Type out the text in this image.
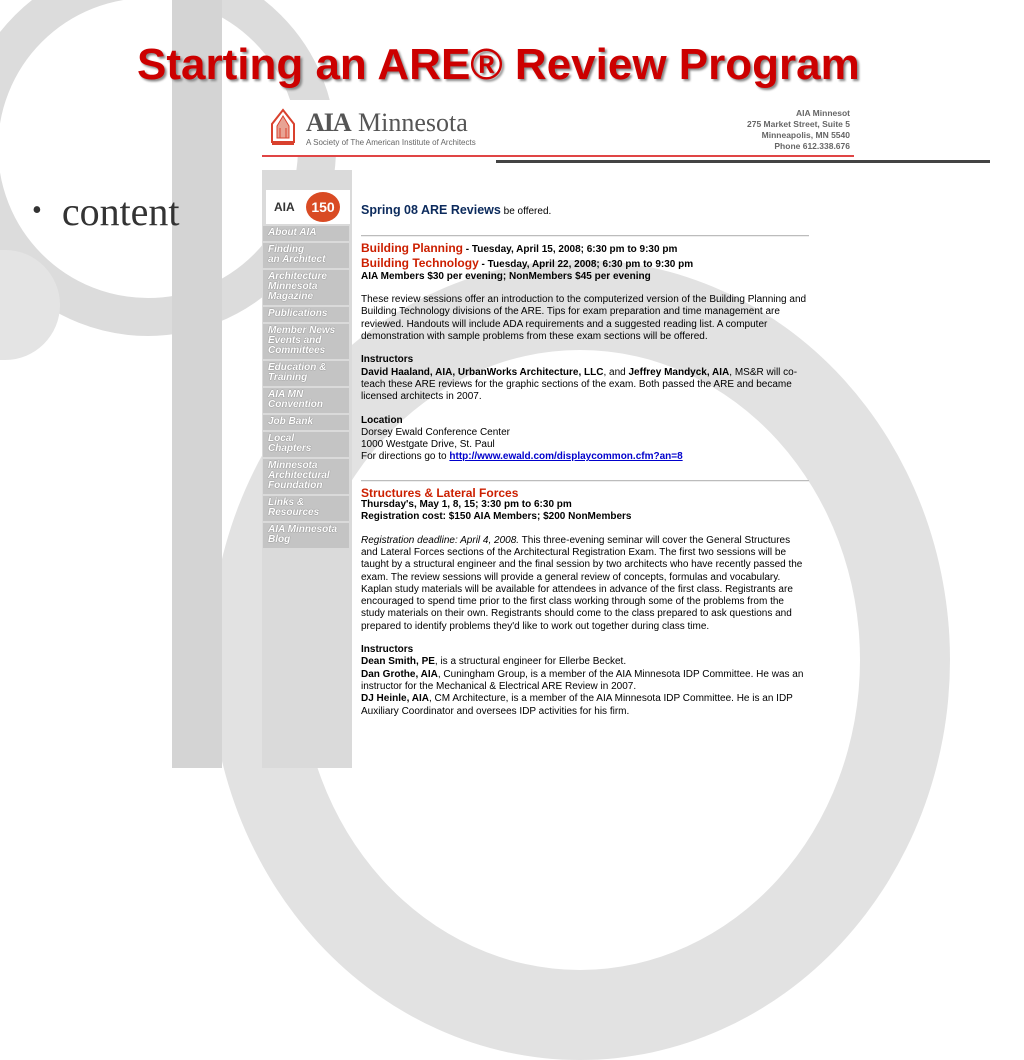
Starting an ARE® Review Program
• content
AIA Minnesota
A Society of The American Institute of Architects
AIA Minnesot
275 Market Street, Suite 5
Minneapolis, MN 5540
Phone 612.338.676
AIA	150
About AIA
Finding
an Architect
Architecture
Minnesota
Magazine
Publications
Member News
Events and
Committees
Education &
Training
AIA MN
Convention
Job Bank
Local
Chapters
Minnesota
Architectural
Foundation
Links &
Resources
AIA Minnesota
Blog

Spring 08 ARE Reviews be offered.

Building Planning - Tuesday, April 15, 2008; 6:30 pm to 9:30 pm

Building Technology - Tuesday, April 22, 2008; 6:30 pm to 9:30 pm

AIA Members $30 per evening; NonMembers $45 per evening

These review sessions offer an introduction to the computerized version of the Building Planning and Building Technology divisions of the ARE. Tips for exam preparation and time management are reviewed. Handouts will include ADA requirements and a suggested reading list. A computer demonstration with sample problems from these exam sections will be offered.

Instructors

David Haaland, AIA, UrbanWorks Architecture, LLC, and Jeffrey Mandyck, AIA, MS&R will co-teach these ARE reviews for the graphic sections of the exam. Both passed the ARE and became licensed architects in 2007.

Location

Dorsey Ewald Conference Center

1000 Westgate Drive, St. Paul

For directions go to http://www.ewald.com/displaycommon.cfm?an=8

Structures & Lateral Forces

Thursday's, May 1, 8, 15; 3:30 pm to 6:30 pm

Registration cost: $150 AIA Members; $200 NonMembers

Registration deadline: April 4, 2008. This three-evening seminar will cover the General Structures and Lateral Forces sections of the Architectural Registration Exam. The first two sessions will be taught by a structural engineer and the final session by two architects who have recently passed the exam. The review sessions will provide a general review of concepts, formulas and vocabulary. Kaplan study materials will be available for attendees in advance of the first class. Registrants are encouraged to spend time prior to the first class working through some of the problems from the study materials on their own. Registrants should come to the class prepared to ask questions and prepared to identify problems they'd like to work out together during class time.

Instructors

Dean Smith, PE, is a structural engineer for Ellerbe Becket.

Dan Grothe, AIA, Cuningham Group, is a member of the AIA Minnesota IDP Committee. He was an instructor for the Mechanical & Electrical ARE Review in 2007.

DJ Heinle, AIA, CM Architecture, is a member of the AIA Minnesota IDP Committee. He is an IDP Auxiliary Coordinator and oversees IDP activities for his firm.
